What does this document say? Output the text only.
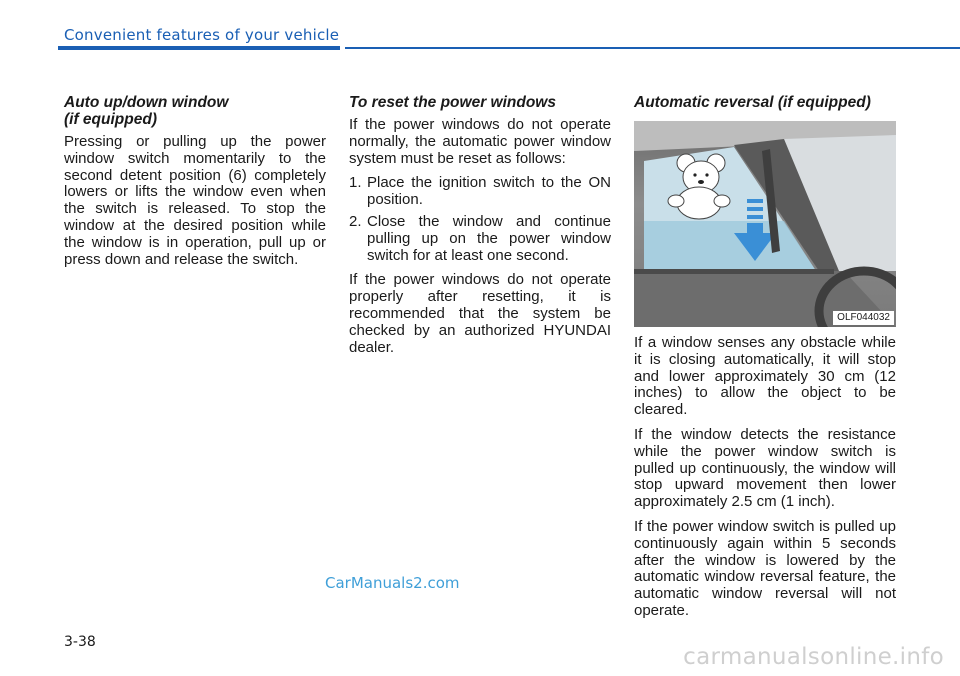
Convenient features of your vehicle
Auto up/down window
(if equipped)

Pressing or pulling up the power window switch momentarily to the second detent position (6) completely lowers or lifts the window even when the switch is released. To stop the window at the desired position while the window is in operation, pull up or press down and release the switch.

To reset the power windows

If the power windows do not operate normally, the automatic power window system must be reset as follows:

1. Place the ignition switch to the ON position.
2. Close the window and continue pulling up on the power window switch for at least one second.

If the power windows do not operate properly after resetting, it is recommended that the system be checked by an authorized HYUNDAI dealer.

Automatic reversal (if equipped)
OLF044032

If a window senses any obstacle while it is closing automatically, it will stop and lower approximately 30 cm (12 inches) to allow the object to be cleared.

If the window detects the resistance while the power window switch is pulled up continuously, the window will stop upward movement then lower approximately 2.5 cm (1 inch).

If the power window switch is pulled up continuously again within 5 seconds after the window is lowered by the automatic window reversal feature, the automatic window reversal will not operate.

CarManuals2.com
3-38
carmanualsonline.info
